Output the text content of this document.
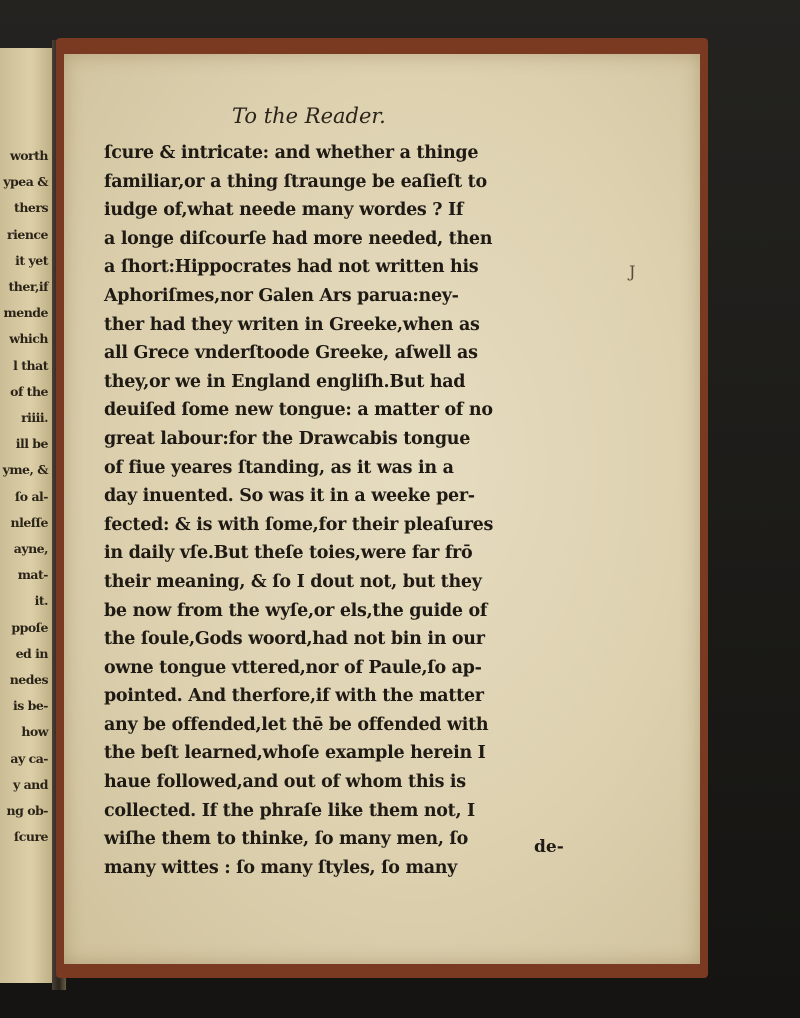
worth
ypea &
thers
rience
it yet
ther,if
mende
which
l that
of the
riiii.
ill be
yme, &
ſo al-
nleſſe
ayne,
mat-
it.
ppoſe
ed in
nedes
is be-
how
ay ca-
y and
ng ob-
ſcure
To the Reader.
ſcure & intricate: and whether a thinge
familiar,or a thing ſtraunge be eaſieſt to
iudge of,what neede many wordes ? If
a longe diſcourſe had more needed, then
a ſhort:Hippocrates had not written his
Aphoriſmes,nor Galen Ars parua:ney-
ther had they writen in Greeke,when as
all Grece vnderſtoode Greeke, aſwell as
they,or we in England engliſh.But had
deuiſed ſome new tongue: a matter of no
great labour:for the Drawcabis tongue
of fiue yeares ſtanding, as it was in a
day inuented. So was it in a weeke per-
fected: & is with ſome,for their pleaſures
in daily vſe.But theſe toies,were far frō
their meaning, & ſo I dout not, but they
be now from the wyſe,or els,the guide of
the ſoule,Gods woord,had not bin in our
owne tongue vttered,nor of Paule,ſo ap-
pointed. And therfore,if with the matter
any be offended,let thē be offended with
the beſt learned,whoſe example herein I
haue followed,and out of whom this is
collected. If the phraſe like them not, I
wiſhe them to thinke, ſo many men, ſo
many wittes : ſo many ſtyles, ſo many
de-
J
